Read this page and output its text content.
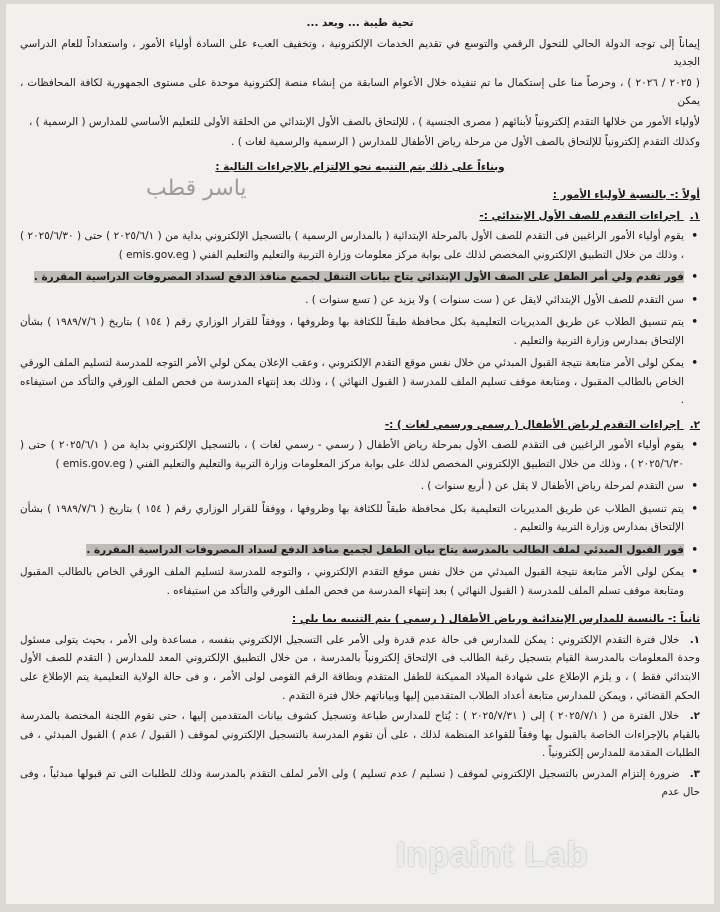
تحية طيبة ... وبعد ...

إيماناً إلى توجه الدولة الحالي للتحول الرقمي والتوسع في تقديم الخدمات الإلكترونية ، وتخفيف العبء على السادة أولياء الأمور ، واستعداداً للعام الدراسي الجديد

( ٢٠٢٥ / ٢٠٢٦ ) ، وحرصاً منا على إستكمال ما تم تنفيذه خلال الأعوام السابقة من إنشاء منصة إلكترونية موحدة على مستوى الجمهورية لكافة المحافظات ، يمكن

لأولياء الأمور من خلالها التقدم إلكترونياً لأبنائهم ( مصرى الجنسية ) ، للإلتحاق بالصف الأول الإبتدائي من الحلقة الأولى للتعليم الأساسي للمدارس ( الرسمية ) ،

وكذلك التقدم إلكترونياً للإلتحاق بالصف الأول من مرحلة رياض الأطفال للمدارس ( الرسمية والرسمية لغات ) .

وبناءاً على ذلك يتم التنبيه نحو الإلتزام بالإجراءات التالية :
أولاً :- بالنسبة لأولياء الأمور :
١. إجراءات التقدم للصف الأول الإبتدائي :-
• يقوم أولياء الأمور الراغبين فى التقدم للصف الأول بالمرحلة الإبتدائية ( بالمدارس الرسمية ) بالتسجيل الإلكتروني بداية من ( ٢٠٢٥/٦/١ ) حتى ( ٢٠٢٥/٦/٣٠ ) ، وذلك من خلال التطبيق الإلكتروني المخصص لذلك على بوابة مركز معلومات وزارة التربية والتعليم والتعليم الفني ( emis.gov.eg )
• فور تقدم ولي أمر الطفل على الصف الأول الإبتدائي يتاح بيانات التنقل لجميع منافذ الدفع لسداد المصروفات الدراسية المقررة .
• سن التقدم للصف الأول الإبتدائي لايقل عن ( ست سنوات ) ولا يزيد عن ( تسع سنوات ) .
• يتم تنسيق الطلاب عن طريق المديريات التعليمية بكل محافظة طبقاً للكثافة بها وظروفها ، ووفقاً للقرار الوزاري رقم ( ١٥٤ ) بتاريخ ( ١٩٨٩/٧/٦ ) بشأن الإلتحاق بمدارس وزارة التربية والتعليم .
• يمكن لولى الأمر متابعة نتيجة القبول المبدئي من خلال نفس موقع التقدم الإلكتروني ، وعقب الإعلان يمكن لولي الأمر التوجه للمدرسة لتسليم الملف الورقي الخاص بالطالب المقبول ، ومتابعة موقف تسليم الملف للمدرسة ( القبول النهائي ) ، وذلك بعد إنتهاء المدرسة من فحص الملف الورقي والتأكد من استيفاءه .
٢. إجراءات التقدم لرياض الأطفال ( رسمي ورسمي لغات ) :-
• يقوم أولياء الأمور الراغبين فى التقدم للصف الأول بمرحلة رياض الأطفال ( رسمي - رسمي لغات ) ، بالتسجيل الإلكتروني بداية من ( ٢٠٢٥/٦/١ ) حتى ( ٢٠٢٥/٦/٣٠ ) ، وذلك من خلال التطبيق الإلكتروني المخصص لذلك على بوابة مركز المعلومات وزارة التربية والتعليم والتعليم الفني ( emis.gov.eg )
• سن التقدم لمرحلة رياض الأطفال لا يقل عن ( أربع سنوات ) .
• يتم تنسيق الطلاب عن طريق المديريات التعليمية بكل محافظة طبقاً للكثافة بها وظروفها ، ووفقاً للقرار الوزاري رقم ( ١٥٤ ) بتاريخ ( ١٩٨٩/٧/٦ ) بشأن الإلتحاق بمدارس وزارة التربية والتعليم .
• فور القبول المبدئي لملف الطالب بالمدرسة يتاح بيان الطفل لجميع منافذ الدفع لسداد المصروفات الدراسية المقررة .
• يمكن لولى الأمر متابعة نتيجة القبول المبدئي من خلال نفس موقع التقدم الإلكتروني ، والتوجه للمدرسة لتسليم الملف الورقي الخاص بالطالب المقبول ومتابعة موقف تسلم الملف للمدرسة ( القبول النهائي ) بعد إنتهاء المدرسة من فحص الملف الورقي والتأكد من استيفاءه .
ثانياً :- بالنسبة للمدارس الإبتدائية ورياض الأطفال ( رسمي ) يتم التنبيه بما يلي :
١. خلال فترة التقدم الإلكتروني : يمكن للمدارس فى حالة عدم قدرة ولى الأمر على التسجيل الإلكتروني بنفسه ، مساعدة ولى الأمر ، بحيث يتولى مسئول وحدة المعلومات بالمدرسة القيام بتسجيل رغبة الطالب فى الإلتحاق إلكترونياً بالمدرسة ، من خلال التطبيق الإلكتروني المعد للمدارس ( التقدم للصف الأول الابتدائي فقط ) ، و يلزم الإطلاع على شهادة الميلاد المميكنة للطفل المتقدم وبطاقة الرقم القومى لولى الأمر ، و فى حالة الولاية التعليمية يتم الإطلاع على الحكم القضائي ، ويمكن للمدارس متابعة أعداد الطلاب المتقدمين إليها وبياناتهم خلال فترة التقدم .
٢. خلال الفترة من ( ٢٠٢٥/٧/١ ) إلى ( ٢٠٢٥/٧/٣١ ) : يُتاح للمدارس طباعة وتسجيل كشوف بيانات المتقدمين إليها ، حتى تقوم اللجنة المختصة بالمدرسة بالقيام بالإجراءات الخاصة بالقبول بها وفقاً للقواعد المنظمة لذلك ، على أن تقوم المدرسة بالتسجيل الإلكتروني لموقف ( القبول / عدم ) القبول المبدئي ، فى الطلبات المقدمة للمدارس إلكترونياً .
٣. ضرورة إلتزام المدرس بالتسجيل الإلكتروني لموقف ( تسليم / عدم تسليم ) ولى الأمر لملف التقدم بالمدرسة وذلك للطلبات التى تم قبولها مبدئياً ، وفى حال عدم
ياسر قطب
Inpaint Lab
